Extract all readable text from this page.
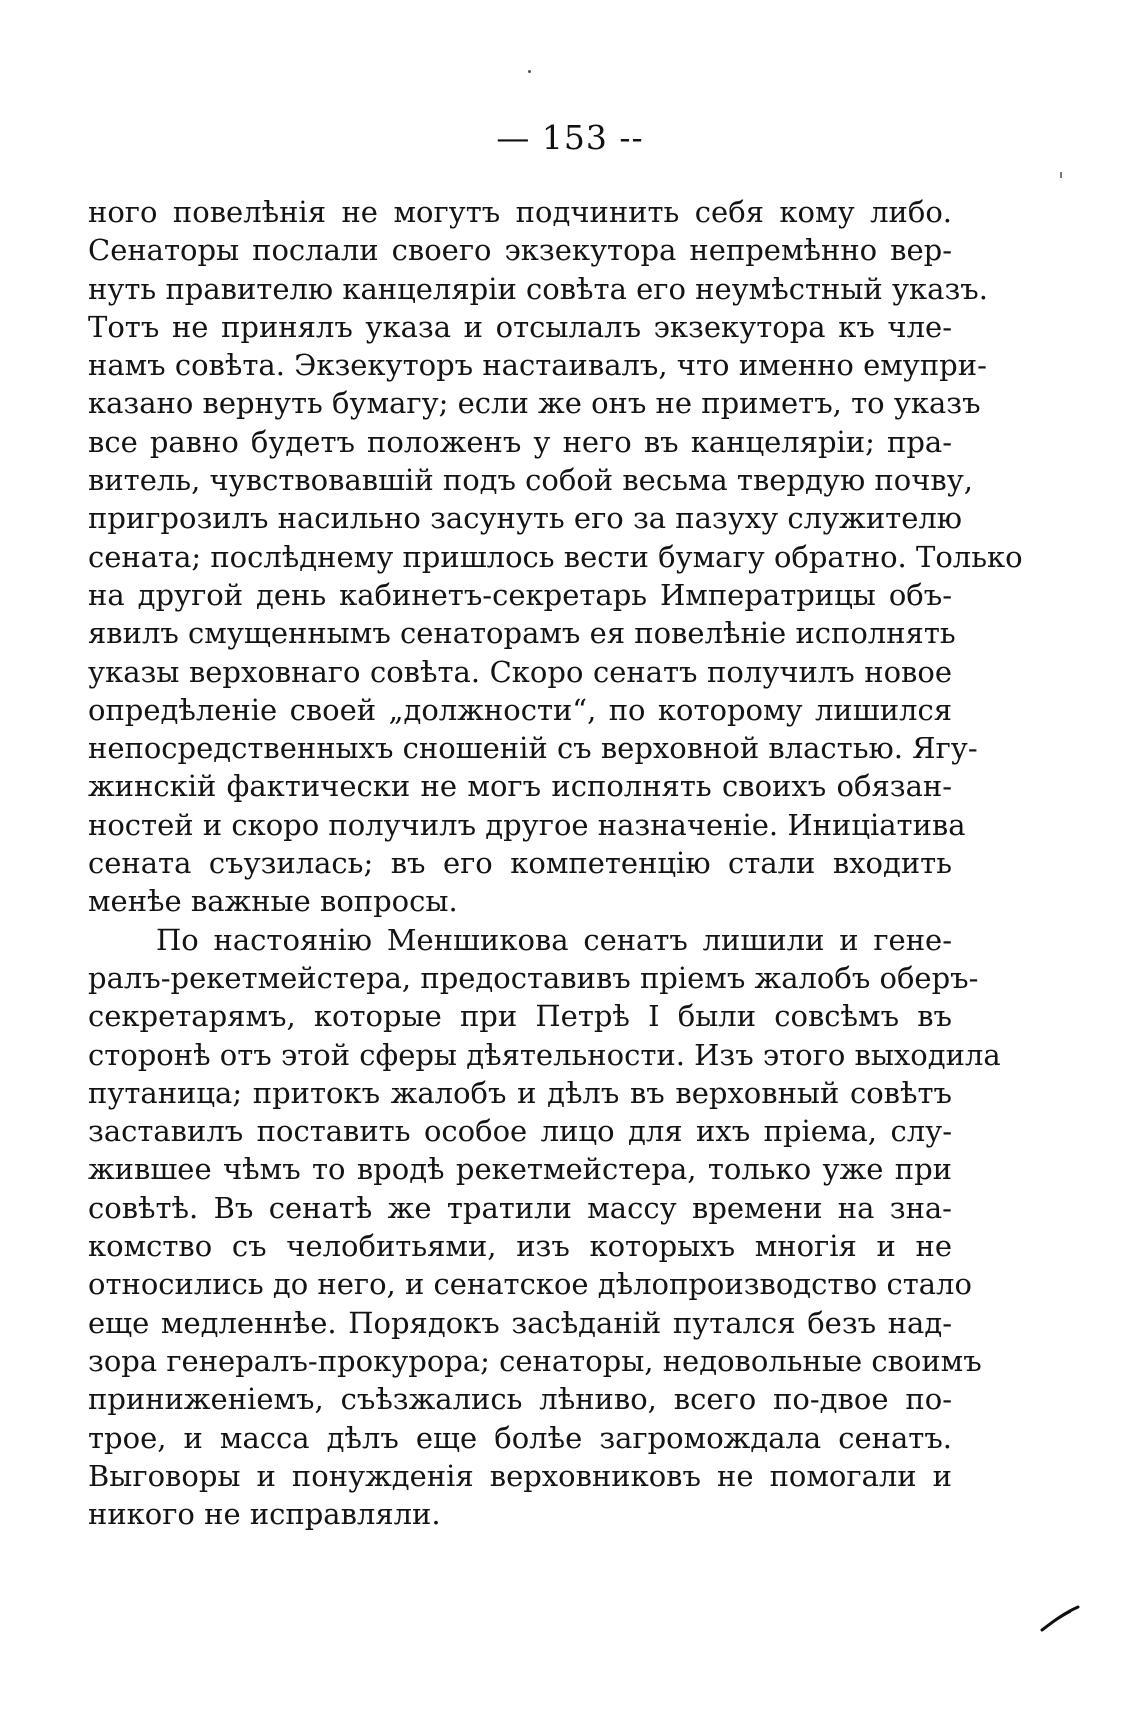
— 153 --

ного повелѣнія не могутъ подчинить себя кому либо.
Сенаторы послали своего экзекутора непремѣнно вер-
нуть правителю канцеляріи совѣта его неумѣстный указъ.
Тотъ не принялъ указа и отсылалъ экзекутора къ чле-
намъ совѣта. Экзекуторъ настаивалъ, что именно емупри-
казано вернуть бумагу; если же онъ не приметъ, то указъ
все равно будетъ положенъ у него въ канцеляріи; пра-
витель, чувствовавшій подъ собой весьма твердую почву,
пригрозилъ насильно засунуть его за пазуху служителю
сената; послѣднему пришлось вести бумагу обратно. Только
на другой день кабинетъ-секретарь Императрицы объ-
явилъ смущеннымъ сенаторамъ ея повелѣніе исполнять
указы верховнаго совѣта. Скоро сенатъ получилъ новое
опредѣленіе своей „должности“, по которому лишился
непосредственныхъ сношеній съ верховной властью. Ягу-
жинскій фактически не могъ исполнять своихъ обязан-
ностей и скоро получилъ другое назначеніе. Иниціатива
сената съузилась; въ его компетенцію стали входить
менѣе важные вопросы.
По настоянію Меншикова сенатъ лишили и гене-
ралъ-рекетмейстера, предоставивъ пріемъ жалобъ оберъ-
секретарямъ, которые при Петрѣ I были совсѣмъ въ
сторонѣ отъ этой сферы дѣятельности. Изъ этого выходила
путаница; притокъ жалобъ и дѣлъ въ верховный совѣтъ
заставилъ поставить особое лицо для ихъ пріема, слу-
жившее чѣмъ то вродѣ рекетмейстера, только уже при
совѣтѣ. Въ сенатѣ же тратили массу времени на зна-
комство съ челобитьями, изъ которыхъ многія и не
относились до него, и сенатское дѣлопроизводство стало
еще медленнѣе. Порядокъ засѣданій путался безъ над-
зора генералъ-прокурора; сенаторы, недовольные своимъ
приниженіемъ, съѣзжались лѣниво, всего по-двое по-
трое, и масса дѣлъ еще болѣе загромождала сенатъ.
Выговоры и понужденія верховниковъ не помогали и
никого не исправляли.
